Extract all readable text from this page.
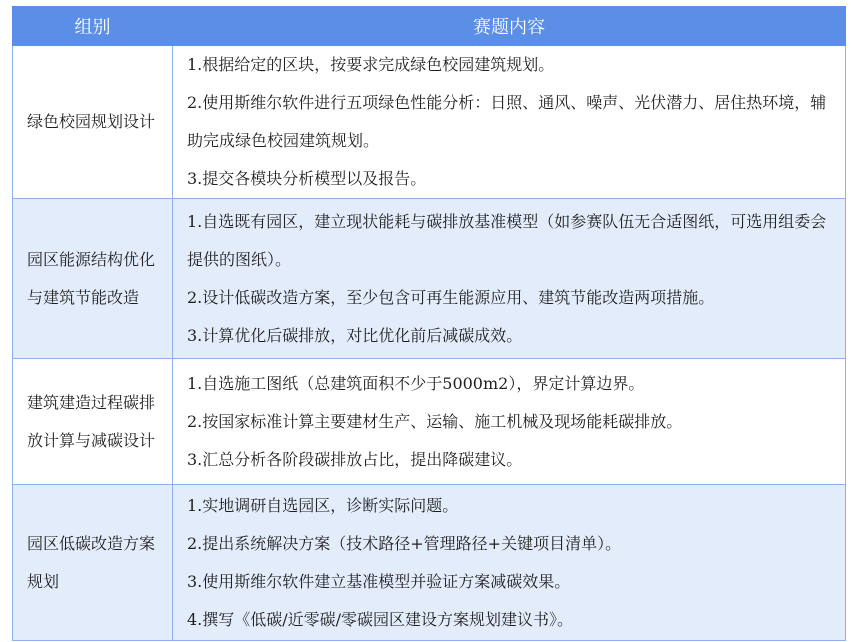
组别	赛题内容
绿色校园规划设计	1.根据给定的区块，按要求完成绿色校园建筑规划。
2.使用斯维尔软件进行五项绿色性能分析：日照、通风、噪声、光伏潜力、居住热环境，辅助完成绿色校园建筑规划。
3.提交各模块分析模型以及报告。

园区能源结构优化与建筑节能改造	1.自选既有园区，建立现状能耗与碳排放基准模型（如参赛队伍无合适图纸，可选用组委会提供的图纸）。
2.设计低碳改造方案，至少包含可再生能源应用、建筑节能改造两项措施。
3.计算优化后碳排放，对比优化前后减碳成效。

建筑建造过程碳排放计算与减碳设计	1.自选施工图纸（总建筑面积不少于5000m2），界定计算边界。
2.按国家标准计算主要建材生产、运输、施工机械及现场能耗碳排放。
3.汇总分析各阶段碳排放占比，提出降碳建议。

园区低碳改造方案规划	1.实地调研自选园区，诊断实际问题。
2.提出系统解决方案（技术路径+管理路径+关键项目清单）。
3.使用斯维尔软件建立基准模型并验证方案减碳效果。
4.撰写《低碳/近零碳/零碳园区建设方案规划建议书》。
